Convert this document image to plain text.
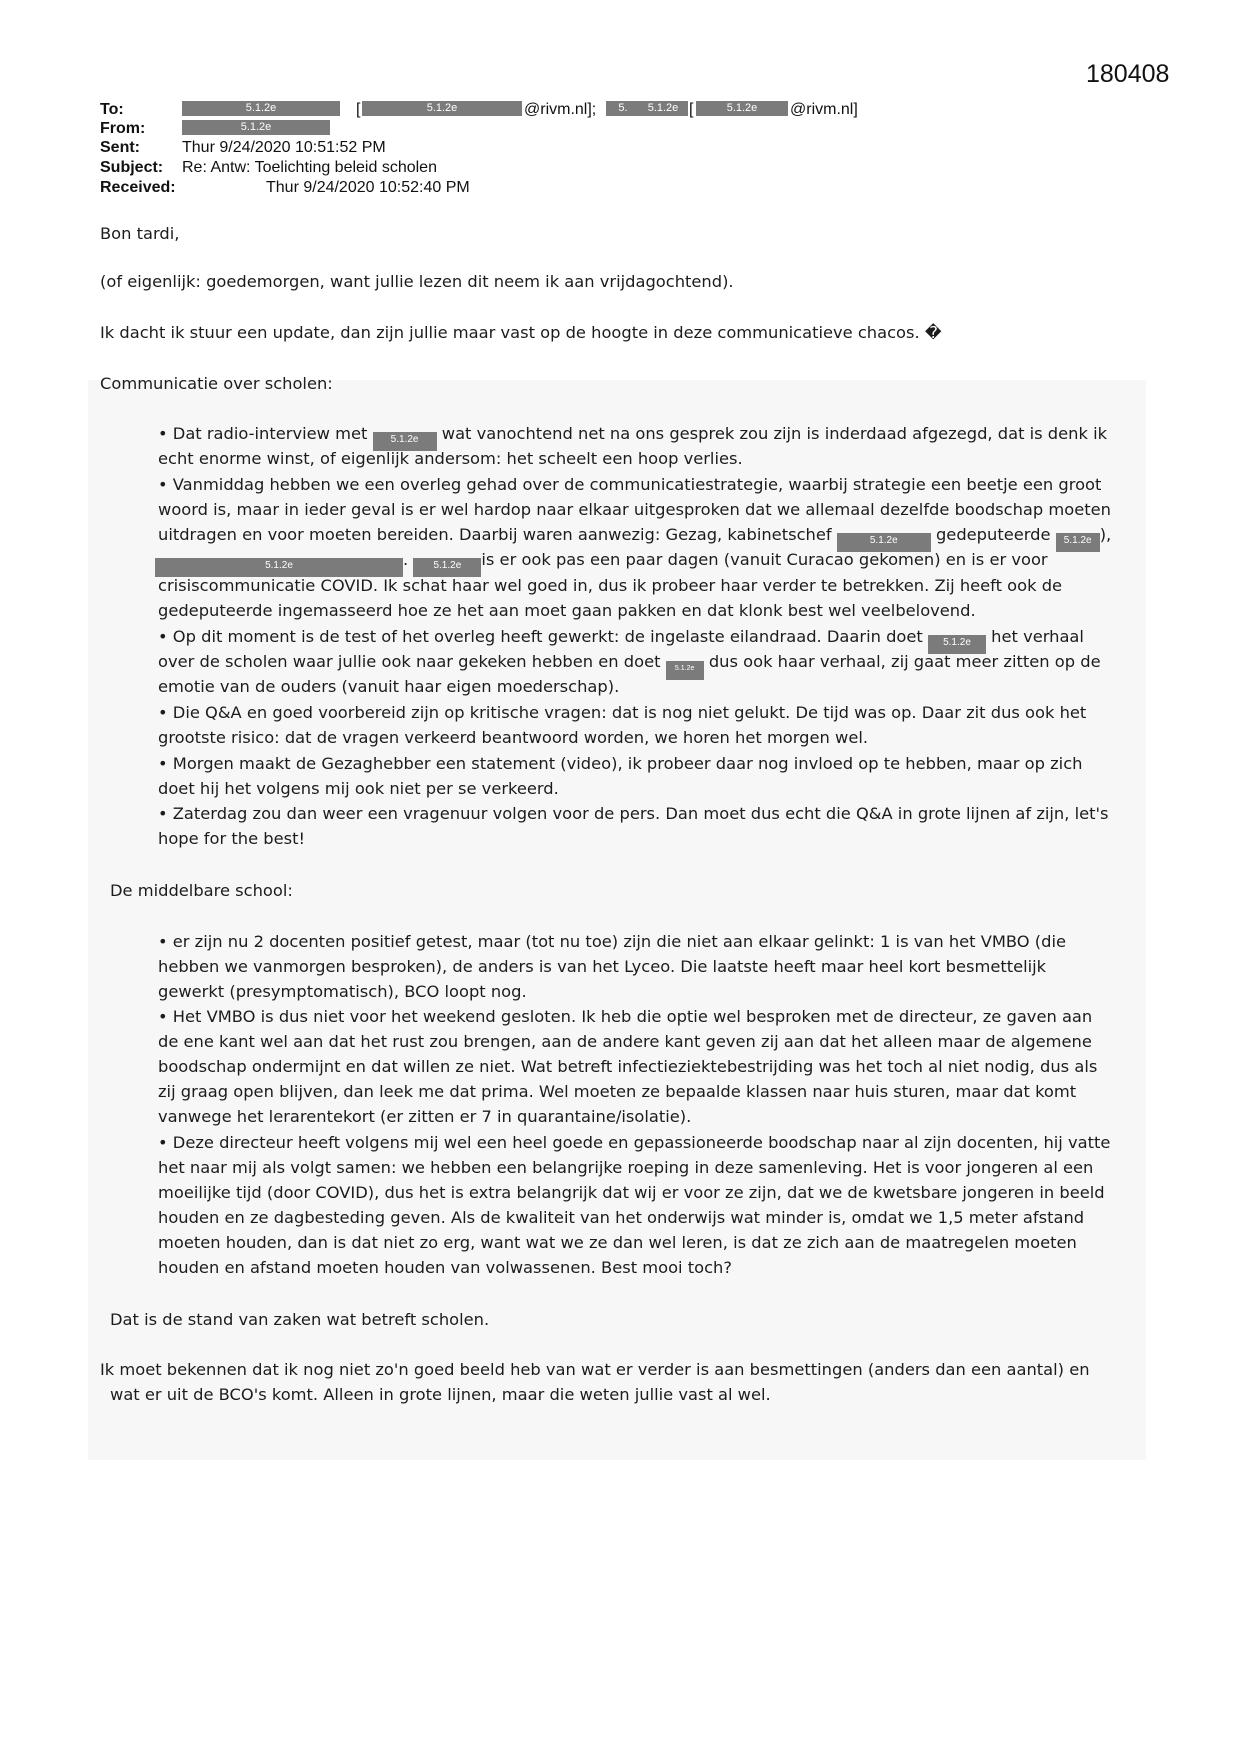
180408
To:	5.1.2e	[	5.1.2e	@rivm.nl];	5.	5.1.2e [	5.1.2e	@rivm.nl]
From:	5.1.2e
Sent:	Thur 9/24/2020 10:51:52 PM
Subject: Re: Antw: Toelichting beleid scholen
Received:	Thur 9/24/2020 10:52:40 PM
Bon tardi,
(of eigenlijk: goedemorgen, want jullie lezen dit neem ik aan vrijdagochtend).
Ik dacht ik stuur een update, dan zijn jullie maar vast op de hoogte in deze communicatieve chacos. �
Communicatie over scholen:
• Dat radio-interview met 5.1.2e wat vanochtend net na ons gesprek zou zijn is inderdaad afgezegd, dat is denk ik
echt enorme winst, of eigenlijk andersom: het scheelt een hoop verlies.
• Vanmiddag hebben we een overleg gehad over de communicatiestrategie, waarbij strategie een beetje een groot
woord is, maar in ieder geval is er wel hardop naar elkaar uitgesproken dat we allemaal dezelfde boodschap moeten
uitdragen en voor moeten bereiden. Daarbij waren aanwezig: Gezag, kabinetschef	5.1.2e gedeputeerde 5.1.2e ),
5.1.2e	.	5.1.2e is er ook pas een paar dagen (vanuit Curacao gekomen) en is er voor
crisiscommunicatie COVID. Ik schat haar wel goed in, dus ik probeer haar verder te betrekken. Zij heeft ook de
gedeputeerde ingemasseerd hoe ze het aan moet gaan pakken en dat klonk best wel veelbelovend.
• Op dit moment is de test of het overleg heeft gewerkt: de ingelaste eilandraad. Daarin doet 5.1.2e het verhaal
over de scholen waar jullie ook naar gekeken hebben en doet 5.1.2e dus ook haar verhaal, zij gaat meer zitten op de
emotie van de ouders (vanuit haar eigen moederschap).
• Die Q&A en goed voorbereid zijn op kritische vragen: dat is nog niet gelukt. De tijd was op. Daar zit dus ook het
grootste risico: dat de vragen verkeerd beantwoord worden, we horen het morgen wel.
• Morgen maakt de Gezaghebber een statement (video), ik probeer daar nog invloed op te hebben, maar op zich
doet hij het volgens mij ook niet per se verkeerd.
• Zaterdag zou dan weer een vragenuur volgen voor de pers. Dan moet dus echt die Q&A in grote lijnen af zijn, let's
hope for the best!
De middelbare school:
• er zijn nu 2 docenten positief getest, maar (tot nu toe) zijn die niet aan elkaar gelinkt: 1 is van het VMBO (die
hebben we vanmorgen besproken), de anders is van het Lyceo. Die laatste heeft maar heel kort besmettelijk
gewerkt (presymptomatisch), BCO loopt nog.
• Het VMBO is dus niet voor het weekend gesloten. Ik heb die optie wel besproken met de directeur, ze gaven aan
de ene kant wel aan dat het rust zou brengen, aan de andere kant geven zij aan dat het alleen maar de algemene
boodschap ondermijnt en dat willen ze niet. Wat betreft infectieziektebestrijding was het toch al niet nodig, dus als
zij graag open blijven, dan leek me dat prima. Wel moeten ze bepaalde klassen naar huis sturen, maar dat komt
vanwege het lerarentekort (er zitten er 7 in quarantaine/isolatie).
• Deze directeur heeft volgens mij wel een heel goede en gepassioneerde boodschap naar al zijn docenten, hij vatte
het naar mij als volgt samen: we hebben een belangrijke roeping in deze samenleving. Het is voor jongeren al een
moeilijke tijd (door COVID), dus het is extra belangrijk dat wij er voor ze zijn, dat we de kwetsbare jongeren in beeld
houden en ze dagbesteding geven. Als de kwaliteit van het onderwijs wat minder is, omdat we 1,5 meter afstand
moeten houden, dan is dat niet zo erg, want wat we ze dan wel leren, is dat ze zich aan de maatregelen moeten
houden en afstand moeten houden van volwassenen. Best mooi toch?
Dat is de stand van zaken wat betreft scholen.
Ik moet bekennen dat ik nog niet zo'n goed beeld heb van wat er verder is aan besmettingen (anders dan een aantal) en
wat er uit de BCO's komt. Alleen in grote lijnen, maar die weten jullie vast al wel.
